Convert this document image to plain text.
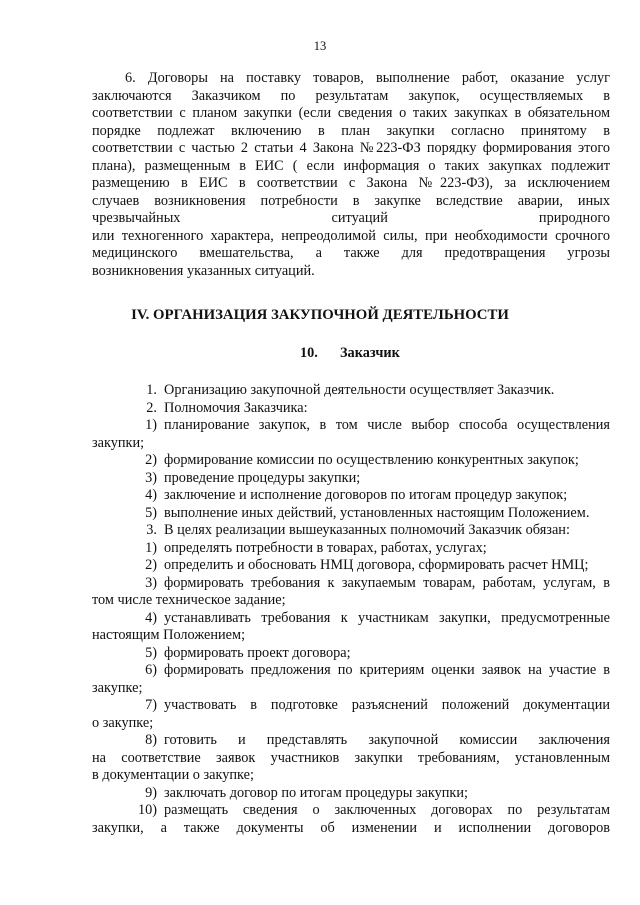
13
6. Договоры на поставку товаров, выполнение работ, оказание услуг
заключаются Заказчиком по результатам закупок, осуществляемых в
соответствии с планом закупки (если сведения о таких закупках в обязательном
порядке подлежат включению в план закупки согласно принятому в
соответствии с частью 2 статьи 4 Закона №223-ФЗ порядку формирования этого
плана), размещенным в ЕИС ( если информация о таких закупках подлежит
размещению в ЕИС в соответствии с Закона №223-ФЗ), за исключением
случаев возникновения потребности в закупке вследствие аварии, иных
чрезвычайных ситуаций природного
или техногенного характера, непреодолимой силы, при необходимости срочного
медицинского вмешательства, а также для предотвращения угрозы
возникновения указанных ситуаций.
IV. ОРГАНИЗАЦИЯ ЗАКУПОЧНОЙ ДЕЯТЕЛЬНОСТИ
10. Заказчик
1. Организацию закупочной деятельности осуществляет Заказчик.
2. Полномочия Заказчика:
1) планирование закупок, в том числе выбор способа осуществления
закупки;
2) формирование комиссии по осуществлению конкурентных закупок;
3) проведение процедуры закупки;
4) заключение и исполнение договоров по итогам процедур закупок;
5) выполнение иных действий, установленных настоящим Положением.
3. В целях реализации вышеуказанных полномочий Заказчик обязан:
1) определять потребности в товарах, работах, услугах;
2) определить и обосновать НМЦ договора, сформировать расчет НМЦ;
3) формировать требования к закупаемым товарам, работам, услугам, в
том числе техническое задание;
4) устанавливать требования к участникам закупки, предусмотренные
настоящим Положением;
5) формировать проект договора;
6) формировать предложения по критериям оценки заявок на участие в
закупке;
7) участвовать в подготовке разъяснений положений документации
о закупке;
8) готовить и представлять закупочной комиссии заключения
на соответствие заявок участников закупки требованиям, установленным
в документации о закупке;
9) заключать договор по итогам процедуры закупки;
10) размещать сведения о заключенных договорах по результатам
закупки, а также документы об изменении и исполнении договоров
